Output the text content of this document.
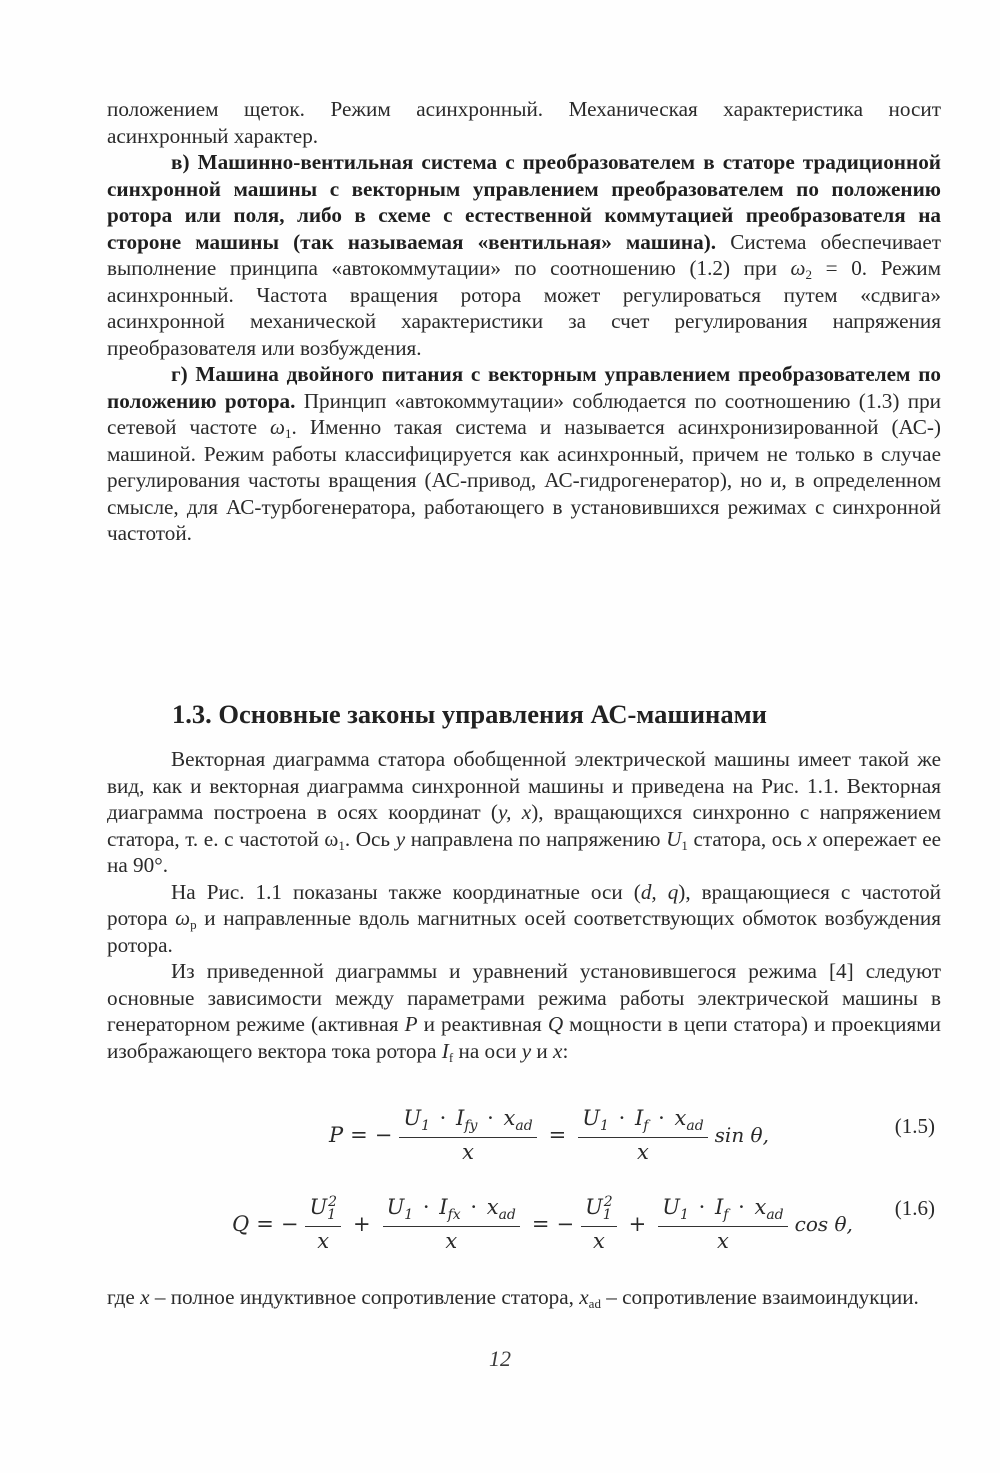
положением щеток. Режим асинхронный. Механическая характеристика носит асинхронный характер.

в) Машинно-вентильная система с преобразователем в статоре традиционной синхронной машины с векторным управлением преобразователем по положению ротора или поля, либо в схеме с естественной коммутацией преобразователя на стороне машины (так называемая «вентильная» машина). Система обеспечивает выполнение принципа «автокоммутации» по соотношению (1.2) при $\omega_2 = 0$. Режим асинхронный. Частота вращения ротора может регулироваться путем «сдвига» асинхронной механической характеристики за счет регулирования напряжения преобразователя или возбуждения.

г) Машина двойного питания с векторным управлением преобразователем по положению ротора. Принцип «автокоммутации» соблюдается по соотношению (1.3) при сетевой частоте $\omega_1$. Именно такая система и называется асинхронизированной (АС-) машиной. Режим работы классифицируется как асинхронный, причем не только в случае регулирования частоты вращения (АС-привод, АС-гидрогенератор), но и, в определенном смысле, для АС-турбогенератора, работающего в установившихся режимах с синхронной частотой.

1.3. Основные законы управления АС-машинами

Векторная диаграмма статора обобщенной электрической машины имеет такой же вид, как и векторная диаграмма синхронной машины и приведена на Рис. 1.1. Векторная диаграмма построена в осях координат (y, x), вращающихся синхронно с напряжением статора, т. е. с частотой $\omega_1$. Ось y направлена по напряжению $U_1$ статора, ось x опережает ее на 90°.

На Рис. 1.1 показаны также координатные оси (d, q), вращающиеся с частотой ротора $\omega_p$ и направленные вдоль магнитных осей соответствующих обмоток возбуждения ротора.

Из приведенной диаграммы и уравнений установившегося режима [4] следуют основные зависимости между параметрами режима работы электрической машины в генераторном режиме (активная P и реактивная Q мощности в цепи статора) и проекциями изображающего вектора тока ротора $I_f$ на оси y и x:

P = − $\frac{U_1 \cdot I_{fy} \cdot x_{ad}}{x} = \frac{U_1 \cdot I_f \cdot x_{ad}}{x}$ sin θ,	(1.5)
Q = − $\frac{U_1^2}{x} + \frac{U_1 \cdot I_{fx} \cdot x_{ad}}{x}$ = − $\frac{U_1^2}{x} + \frac{U_1 \cdot I_f \cdot x_{ad}}{x}$ cos θ,
(1.6)

где x – полное индуктивное сопротивление статора, $x_{ad}$ – сопротивление взаимоиндукции.

12
